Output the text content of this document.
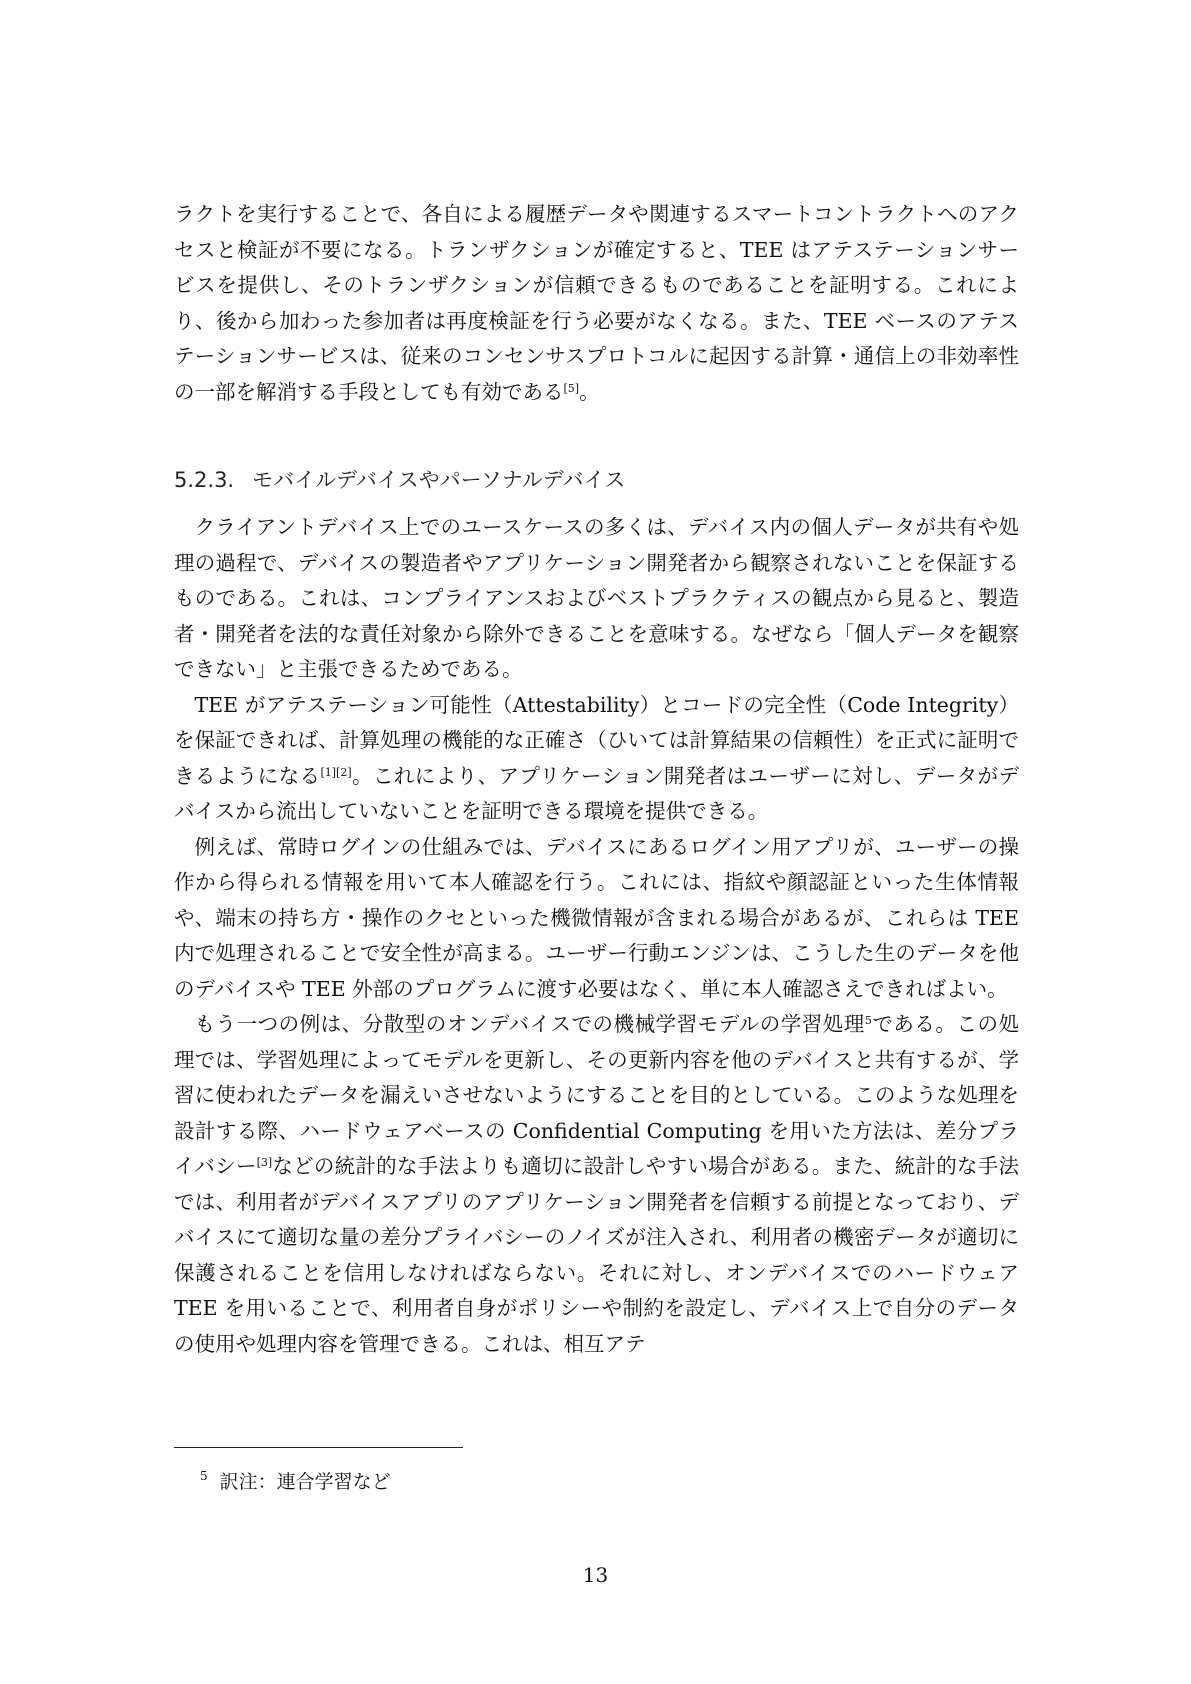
ラクトを実行することで、各自による履歴データや関連するスマートコントラクトへのアクセスと検証が不要になる。トランザクションが確定すると、TEE はアテステーションサービスを提供し、そのトランザクションが信頼できるものであることを証明する。これにより、後から加わった参加者は再度検証を行う必要がなくなる。また、TEE ベースのアテステーションサービスは、従来のコンセンサスプロトコルに起因する計算・通信上の非効率性の一部を解消する手段としても有効である[5]。

5.2.3. モバイルデバイスやパーソナルデバイス

クライアントデバイス上でのユースケースの多くは、デバイス内の個人データが共有や処理の過程で、デバイスの製造者やアプリケーション開発者から観察されないことを保証するものである。これは、コンプライアンスおよびベストプラクティスの観点から見ると、製造者・開発者を法的な責任対象から除外できることを意味する。なぜなら「個人データを観察できない」と主張できるためである。

TEE がアテステーション可能性（Attestability）とコードの完全性（Code Integrity）を保証できれば、計算処理の機能的な正確さ（ひいては計算結果の信頼性）を正式に証明できるようになる[1][2]。これにより、アプリケーション開発者はユーザーに対し、データがデバイスから流出していないことを証明できる環境を提供できる。

例えば、常時ログインの仕組みでは、デバイスにあるログイン用アプリが、ユーザーの操作から得られる情報を用いて本人確認を行う。これには、指紋や顔認証といった生体情報や、端末の持ち方・操作のクセといった機微情報が含まれる場合があるが、これらは TEE 内で処理されることで安全性が高まる。ユーザー行動エンジンは、こうした生のデータを他のデバイスや TEE 外部のプログラムに渡す必要はなく、単に本人確認さえできればよい。

もう一つの例は、分散型のオンデバイスでの機械学習モデルの学習処理$^5$である。この処理では、学習処理によってモデルを更新し、その更新内容を他のデバイスと共有するが、学習に使われたデータを漏えいさせないようにすることを目的としている。このような処理を設計する際、ハードウェアベースの Confidential Computing を用いた方法は、差分プライバシー[3]などの統計的な手法よりも適切に設計しやすい場合がある。また、統計的な手法では、利用者がデバイスアプリのアプリケーション開発者を信頼する前提となっており、デバイスにて適切な量の差分プライバシーのノイズが注入され、利用者の機密データが適切に保護されることを信用しなければならない。それに対し、オンデバイスでのハードウェア TEE を用いることで、利用者自身がポリシーや制約を設定し、デバイス上で自分のデータの使用や処理内容を管理できる。これは、相互アテ

$^5$ 訳注：連合学習など
13
